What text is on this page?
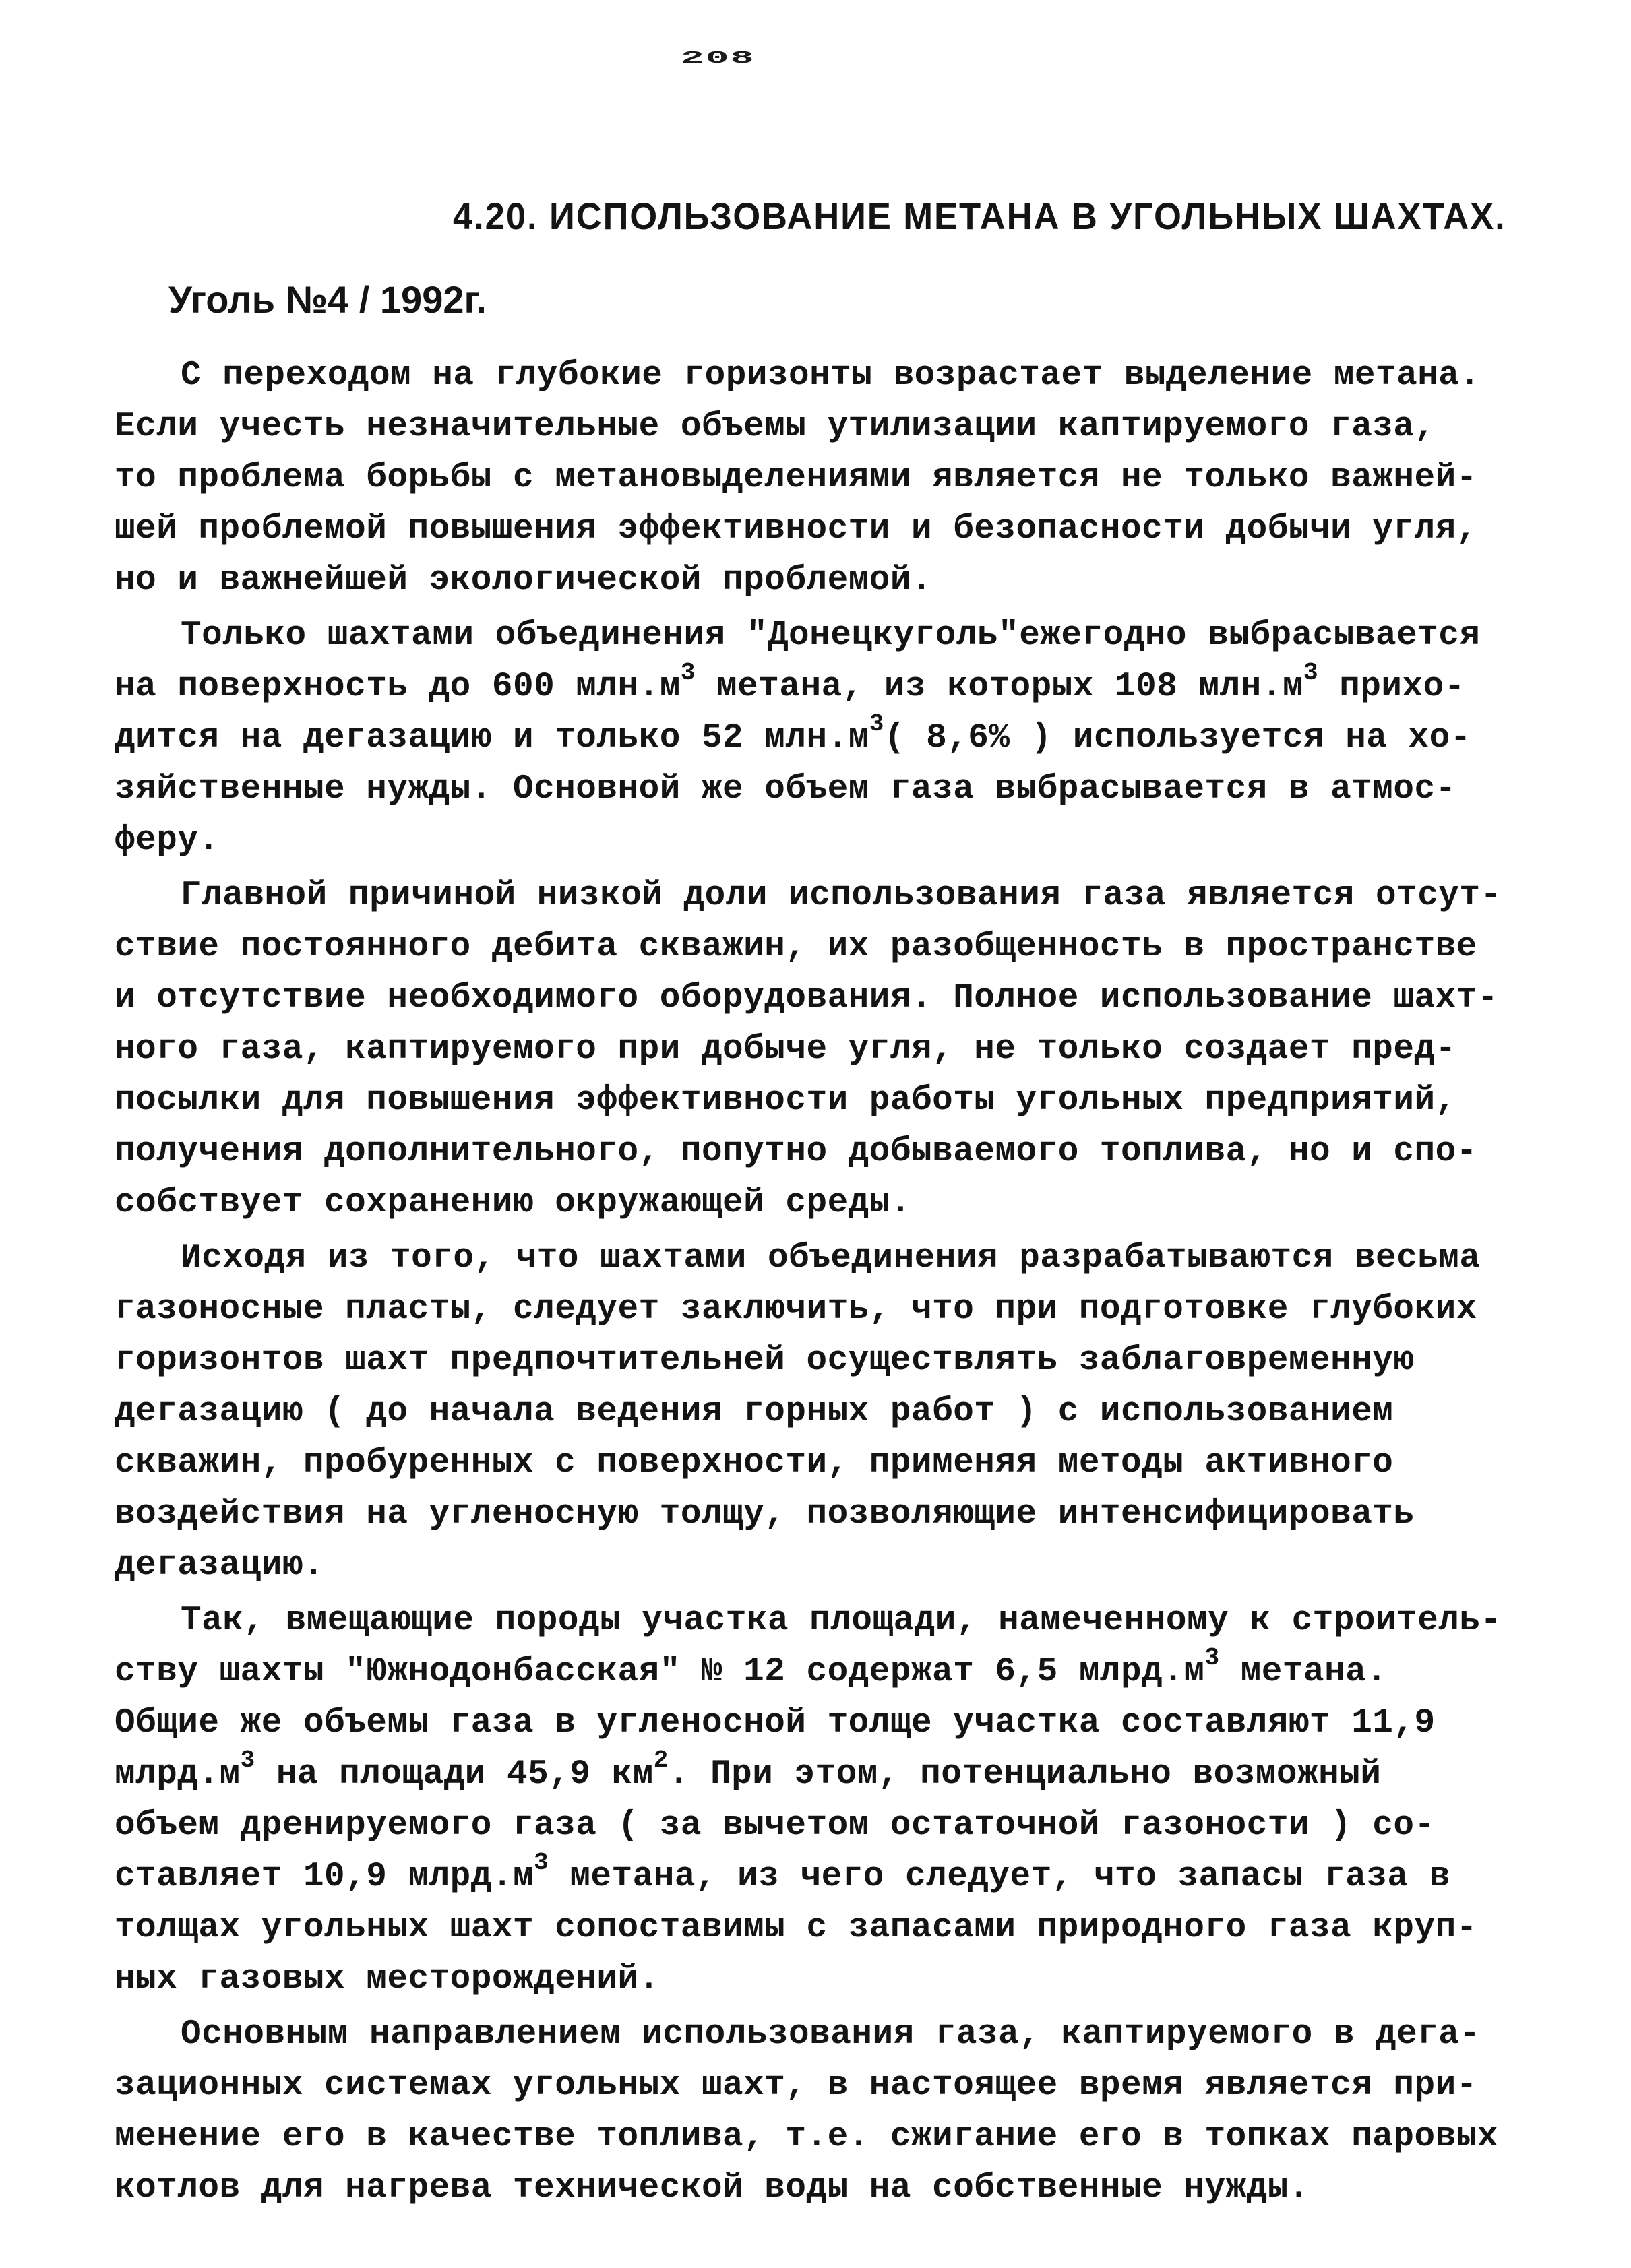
208
4.20. ИСПОЛЬЗОВАНИЕ МЕТАНА В УГОЛЬНЫХ ШАХТАХ.
Уголь №4 / 1992г.
С переходом на глубокие горизонты возрастает выделение метана.
Если учесть незначительные объемы утилизации каптируемого газа,
то проблема борьбы с метановыделениями является не только важней-
шей проблемой повышения эффективности и безопасности добычи угля,
но и важнейшей экологической проблемой.
Только шахтами объединения "Донецкуголь"ежегодно выбрасывается
на поверхность до 600 $млн.м^3$ метана, из которых 108 $млн.м^3$ прихо-
дится на дегазацию и только 52 $млн.м^3$( 8,6% ) используется на хо-
зяйственные нужды. Основной же объем газа выбрасывается в атмос-
феру.
Главной причиной низкой доли использования газа является отсут-
ствие постоянного дебита скважин, их разобщенность в пространстве
и отсутствие необходимого оборудования. Полное использование шахт-
ного газа, каптируемого при добыче угля, не только создает пред-
посылки для повышения эффективности работы угольных предприятий,
получения дополнительного, попутно добываемого топлива, но и спо-
собствует сохранению окружающей среды.
Исходя из того, что шахтами объединения разрабатываются весьма
газоносные пласты, следует заключить, что при подготовке глубоких
горизонтов шахт предпочтительней осуществлять заблаговременную
дегазацию ( до начала ведения горных работ ) с использованием
скважин, пробуренных с поверхности, применяя методы активного
воздействия на угленосную толщу, позволяющие интенсифицировать
дегазацию.
Так, вмещающие породы участка площади, намеченному к строитель-
ству шахты "Южнодонбасская" № 12 содержат 6,5 $млрд.м^3$ метана.
Общие же объемы газа в угленосной толще участка составляют 11,9
$млрд.м^3$ на площади 45,9 $км^2$. При этом, потенциально возможный
объем дренируемого газа ( за вычетом остаточной газоности ) со-
ставляет 10,9 $млрд.м^3$ метана, из чего следует, что запасы газа в
толщах угольных шахт сопоставимы с запасами природного газа круп-
ных газовых месторождений.
Основным направлением использования газа, каптируемого в дега-
зационных системах угольных шахт, в настоящее время является при-
менение его в качестве топлива, т.е. сжигание его в топках паровых
котлов для нагрева технической воды на собственные нужды.
